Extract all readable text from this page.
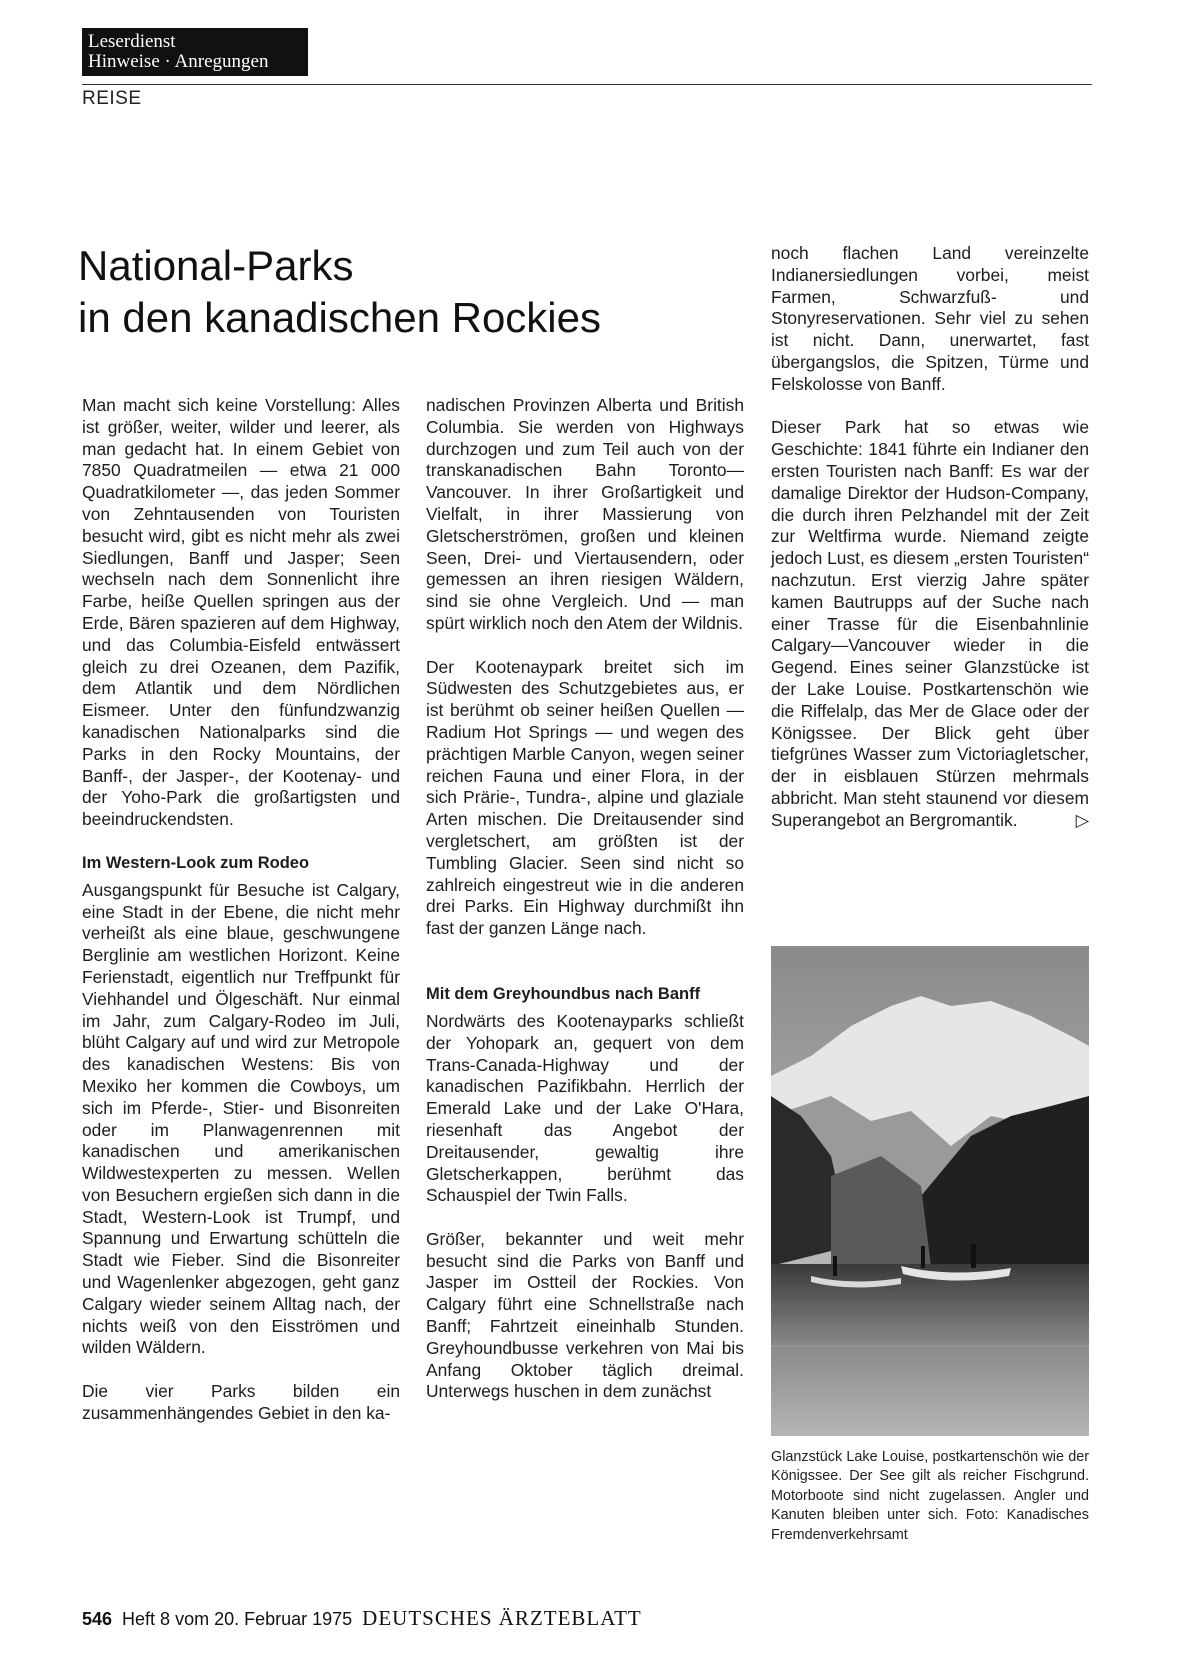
Leserdienst
Hinweise · Anregungen
REISE
National-Parks
in den kanadischen Rockies

Man macht sich keine Vorstellung: Alles ist größer, weiter, wilder und leerer, als man gedacht hat. In einem Gebiet von 7850 Quadratmeilen — etwa 21 000 Quadratkilometer —, das jeden Sommer von Zehntausenden von Touristen besucht wird, gibt es nicht mehr als zwei Siedlungen, Banff und Jasper; Seen wechseln nach dem Sonnenlicht ihre Farbe, heiße Quellen springen aus der Erde, Bären spazieren auf dem Highway, und das Columbia-Eisfeld entwässert gleich zu drei Ozeanen, dem Pazifik, dem Atlantik und dem Nördlichen Eismeer. Unter den fünfundzwanzig kanadischen Nationalparks sind die Parks in den Rocky Mountains, der Banff-, der Jasper-, der Kootenay- und der Yoho-Park die großartigsten und beeindruckendsten.

Im Western-Look zum Rodeo

Ausgangspunkt für Besuche ist Calgary, eine Stadt in der Ebene, die nicht mehr verheißt als eine blaue, geschwungene Berglinie am westlichen Horizont. Keine Ferienstadt, eigentlich nur Treffpunkt für Viehhandel und Ölgeschäft. Nur einmal im Jahr, zum Calgary-Rodeo im Juli, blüht Calgary auf und wird zur Metropole des kanadischen Westens: Bis von Mexiko her kommen die Cowboys, um sich im Pferde-, Stier- und Bisonreiten oder im Planwagenrennen mit kanadischen und amerikanischen Wildwestexperten zu messen. Wellen von Besuchern ergießen sich dann in die Stadt, Western-Look ist Trumpf, und Spannung und Erwartung schütteln die Stadt wie Fieber. Sind die Bisonreiter und Wagenlenker abgezogen, geht ganz Calgary wieder seinem Alltag nach, der nichts weiß von den Eisströmen und wilden Wäldern.

Die vier Parks bilden ein zusammenhängendes Gebiet in den ka-

nadischen Provinzen Alberta und British Columbia. Sie werden von Highways durchzogen und zum Teil auch von der transkanadischen Bahn Toronto—Vancouver. In ihrer Großartigkeit und Vielfalt, in ihrer Massierung von Gletscherströmen, großen und kleinen Seen, Drei- und Viertausendern, oder gemessen an ihren riesigen Wäldern, sind sie ohne Vergleich. Und — man spürt wirklich noch den Atem der Wildnis.

Der Kootenaypark breitet sich im Südwesten des Schutzgebietes aus, er ist berühmt ob seiner heißen Quellen — Radium Hot Springs — und wegen des prächtigen Marble Canyon, wegen seiner reichen Fauna und einer Flora, in der sich Prärie-, Tundra-, alpine und glaziale Arten mischen. Die Dreitausender sind vergletschert, am größten ist der Tumbling Glacier. Seen sind nicht so zahlreich eingestreut wie in die anderen drei Parks. Ein Highway durchmißt ihn fast der ganzen Länge nach.

Mit dem Greyhoundbus nach Banff

Nordwärts des Kootenayparks schließt der Yohopark an, gequert von dem Trans-Canada-Highway und der kanadischen Pazifikbahn. Herrlich der Emerald Lake und der Lake O'Hara, riesenhaft das Angebot der Dreitausender, gewaltig ihre Gletscherkappen, berühmt das Schauspiel der Twin Falls.

Größer, bekannter und weit mehr besucht sind die Parks von Banff und Jasper im Ostteil der Rockies. Von Calgary führt eine Schnellstraße nach Banff; Fahrtzeit eineinhalb Stunden. Greyhoundbusse verkehren von Mai bis Anfang Oktober täglich dreimal. Unterwegs huschen in dem zunächst

noch flachen Land vereinzelte Indianersiedlungen vorbei, meist Farmen, Schwarzfuß- und Stonyreservationen. Sehr viel zu sehen ist nicht. Dann, unerwartet, fast übergangslos, die Spitzen, Türme und Felskolosse von Banff.

Dieser Park hat so etwas wie Geschichte: 1841 führte ein Indianer den ersten Touristen nach Banff: Es war der damalige Direktor der Hudson-Company, die durch ihren Pelzhandel mit der Zeit zur Weltfirma wurde. Niemand zeigte jedoch Lust, es diesem „ersten Touristen“ nachzutun. Erst vierzig Jahre später kamen Bautrupps auf der Suche nach einer Trasse für die Eisenbahnlinie Calgary—Vancouver wieder in die Gegend. Eines seiner Glanzstücke ist der Lake Louise. Postkartenschön wie die Riffelalp, das Mer de Glace oder der Königssee. Der Blick geht über tiefgrünes Wasser zum Victoriagletscher, der in eisblauen Stürzen mehrmals abbricht. Man steht staunend vor diesem Superangebot an Bergromantik.	▷

Glanzstück Lake Louise, postkartenschön wie der Königssee. Der See gilt als reicher Fischgrund. Motorboote sind nicht zugelassen. Angler und Kanuten bleiben unter sich. Foto: Kanadisches Fremdenverkehrsamt
546 Heft 8 vom 20. Februar 1975 DEUTSCHES ÄRZTEBLATT
